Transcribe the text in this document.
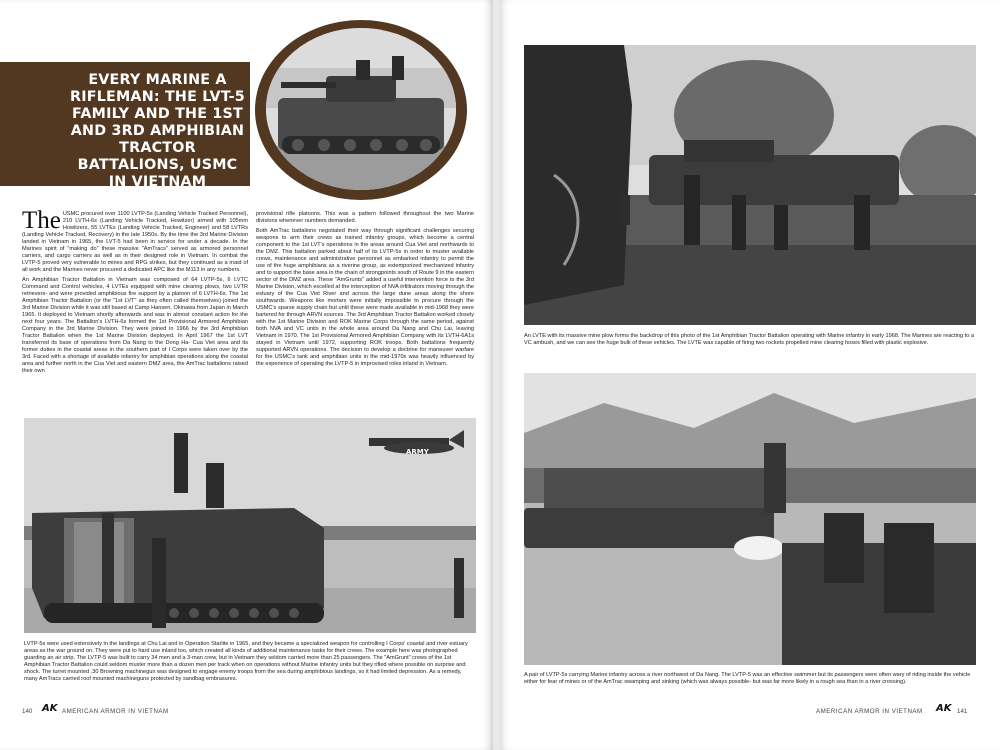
EVERY MARINE A RIFLEMAN: THE LVT-5 FAMILY AND THE 1ST AND 3RD AMPHIBIAN TRACTOR BATTALIONS, USMC IN VIETNAM
The USMC procured over 1100 LVTP-5s (Landing Vehicle Tracked Personnel), 210 LVTH-6s (Landing Vehicle Tracked, Howitzer) armed with 105mm Howitzers, 55 LVTEs (Landing Vehicle Tracked, Engineer) and 58 LVTRs (Landing Vehicle Tracked, Recovery) in the late 1950s. By the time the 3rd Marine Division landed in Vietnam in 1965, the LVT-5 had been in service for under a decade. In the Marines spirit of "making do" these massive "AmTracs" served as armored personnel carriers, and cargo carriers as well as in their designed role in Vietnam. In combat the LVTP-5 proved very vulnerable to mines and RPG strikes, but they continued as a maid of all work and the Marines never procured a dedicated APC like the M113 in any numbers.

An Amphibian Tractor Battalion in Vietnam was composed of 64 LVTP-5s, 6 LVTC Command and Control vehicles, 4 LVTEs equipped with mine clearing plows, two LVTR retrievers- and were provided amphibious fire support by a platoon of 6 LVTH-6s. The 1st Amphibian Tractor Battalion (or the "1st LVT" as they often called themselves) joined the 3rd Marine Division while it was still based at Camp Hansen, Okinawa from Japan in March 1965. It deployed to Vietnam shortly afterwards and was in almost constant action for the next four years. The Battalion's LVTH-6s formed the 1st Provisional Armored Amphibian Company in the 3rd Marine Division. They were joined in 1966 by the 3rd Amphibian Tractor Battalion when the 1st Marine Division deployed. In April 1967 the 1st LVT transferred its base of operations from Da Nang to the Dong Ha- Cua Viet area and its former duties in the coastal areas in the southern part of I Corps were taken over by the 3rd. Faced with a shortage of available infantry for amphibian operations along the coastal area and further north in the Cua Viet and eastern DMZ area, the AmTrac battalions raised their own

provisional rifle platoons. This was a pattern followed throughout the two Marine divisions whenever numbers demanded.

Both AmTrac battalions negotiated their way through significant challenges securing weapons to arm their crews as trained infantry groups, which become a central component to the 1st LVT's operations in the areas around Cua Viet and northwards to the DMZ. This battalion parked about half of its LVTP-5s in order to muster available crews, maintenance and administrative personnel as embarked infantry to permit the use of the huge amphibians as a riverine group, as extemporized mechanized infantry and to support the base area in the chain of strongpoints south of Route 9 in the eastern sector of the DMZ area. These "AmGrunts" added a useful intervention force to the 3rd Marine Division, which excelled at the interception of NVA infiltrators moving through the estuary of the Cua Viet River and across the large dune areas along the shore southwards. Weapons like mortars were initially impossible to procure through the USMC's sparse supply chain but until these were made available in mid-1968 they were bartered for through ARVN sources. The 3rd Amphibian Tractor Battalion worked closely with the 1st Marine Division and ROK Marine Corps through the same period, against both NVA and VC units in the whole area around Da Nang and Chu Lai, leaving Vietnam in 1970. The 1st Provisional Armored Amphibian Company with its LVTH-6A1s stayed in Vietnam until 1972, supporting ROK troops. Both battalions frequently supported ARVN operations. The decision to develop a doctrine for maneuver warfare for the USMC's tank and amphibian units in the mid-1970s was heavily influenced by the experience of operating the LVTP-5 in improvised roles inland in Vietnam.

ARMY
LVTP-5s were used extensively in the landings at Chu Lai and in Operation Starlite in 1965, and they became a specialized weapon for controlling I Corps' coastal and river estuary areas as the war ground on. They were put to hard use inland too, which created all kinds of additional maintenance tasks for their crews. The example here was photographed guarding an air strip. The LVTP-5 was built to carry 34 men and a 3-man crew, but in Vietnam they seldom carried more than 25 passengers. The "AmGrunt" crews of the 1st Amphibian Tractor Battalion could seldom muster more than a dozen men per track when on operations without Marine infantry units but they rifled where possible on surprise and shock. The turret mounted .30 Browning machinegun was designed to engage enemy troops from the sea during amphibious landings, so it had limited depression. As a remedy, many AmTracs carried roof mounted machineguns protected by sandbag embrasures.
140 AK AMERICAN ARMOR IN VIETNAM
An LVTE with its massive mine plow forms the backdrop of this photo of the 1st Amphibian Tractor Battalion operating with Marine infantry in early 1968. The Marines are reacting to a VC ambush, and we can see the huge bulk of these vehicles. The LVTE was capable of firing two rockets propelled mine clearing hoses filled with plastic explosive.
A pair of LVTP-5s carrying Marine infantry across a river northwest of Da Nang. The LVTP-5 was an effective swimmer but its passengers were often wary of riding inside the vehicle either for fear of mines or of the AmTrac swamping and sinking (which was always possible- but was far more likely in a rough sea than in a river crossing).
AMERICAN ARMOR IN VIETNAM AK 141
